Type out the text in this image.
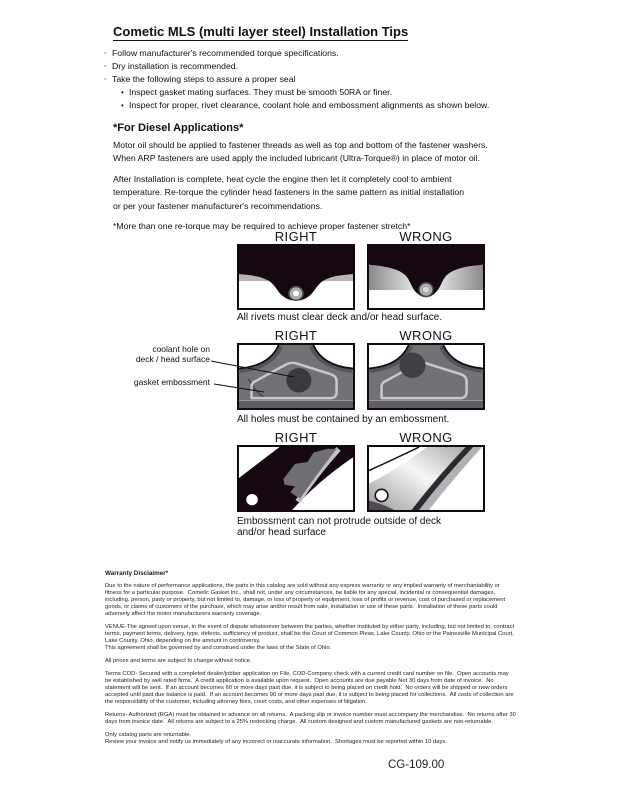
Cometic MLS (multi layer steel) Installation Tips
◦ Follow manufacturer's recommended torque specifications.
◦ Dry installation is recommended.
◦ Take the following steps to assure a proper seal
• Inspect gasket mating surfaces. They must be smooth 50RA or finer.
• Inspect for proper, rivet clearance, coolant hole and embossment alignments as shown below.
*For Diesel Applications*

Motor oil should be applied to fastener threads as well as top and bottom of the fastener washers.
When ARP fasteners are used apply the included lubricant (Ultra-Torque®) in place of motor oil.

After Installation is complete, heat cycle the engine then let it completely cool to ambient
temperature. Re-torque the cylinder head fasteners in the same pattern as initial installation
or per your fastener manufacturer's recommendations.

*More than one re-torque may be required to achieve proper fastener stretch*

RIGHT	WRONG
All rivets must clear deck and/or head surface.
RIGHT	WRONG
coolant hole on
deck / head surface
gasket embossment
All holes must be contained by an embossment.
RIGHT	WRONG
Embossment can not protrude outside of deck
and/or head surface
Warranty Disclaimer*

Due to the nature of performance applications, the parts in this catalog are sold without any express warranty or any implied warranty of merchantability or fitness for a particular purpose.  Cometic Gasket Inc., shall not, under any circumstances, be liable for any special, incidental or consequential damages, including, person, party or property, but not limited to, damage, or loss of property or equipment, loss of profits or revenue, cost of purchased or replacement goods, or claims of customers of the purchase, which may arise and/or result from sale, installation or use of these parts.  Installation of these parts could adversely affect the motor manufacturers warranty coverage.

VENUE-The agreed upon venue, in the event of dispute whatsoever between the parties, whether instituted by either party, including, but not limited to, contract terms, payment terms, delivery, type, defects, sufficiency of product, shall be the Court of Common Pleas, Lake County, Ohio or the Painesville Municipal Court, Lake County, Ohio, depending on the amount in controversy.
This agreement shall be governed by and construed under the laws of the State of Ohio.

All prices and terms are subject to change without notice.

Terms COD- Secured with a completed dealer/jobber application on File, COD-Company check with a current credit card number on file.  Open accounts may be established by well rated firms.  A credit application is available upon request.  Open accounts are due payable Net 30 days from date of invoice.  No statement will be sent.  If an account becomes 60 or more days past due, it is subject to being placed on credit hold.  No orders will be shipped or new orders accepted until past due balance is paid.  If an account becomes 90 or more days past due, it is subject to being placed for collections.  All costs of collection are the responsibility of the customer, including attorney fees, court costs, and other expenses of litigation.

Returns- Authorized (RGA) must be obtained in advance on all returns.  A packing slip or invoice number must accompany the merchandise.  No returns after 30 days from invoice date.  All returns are subject to a 25% restocking charge.  All custom designed and custom manufactured gaskets are non-returnable.

Only catalog parts are returnable.
Review your invoice and notify us immediately of any incorrect or inaccurate information.  Shortages must be reported within 10 days.

CG-109.00
